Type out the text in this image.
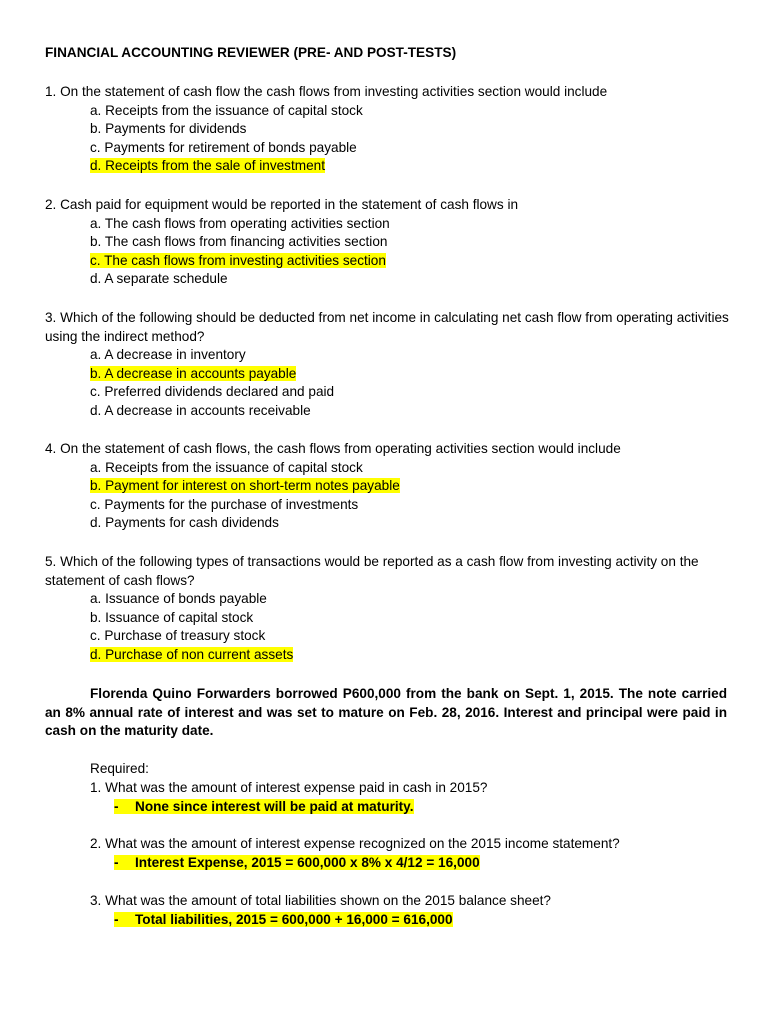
FINANCIAL ACCOUNTING REVIEWER (PRE- AND POST-TESTS)

1. On the statement of cash flow the cash flows from investing activities section would include

a. Receipts from the issuance of capital stock
b. Payments for dividends
c. Payments for retirement of bonds payable
d. Receipts from the sale of investment

2. Cash paid for equipment would be reported in the statement of cash flows in

a. The cash flows from operating activities section
b. The cash flows from financing activities section
c. The cash flows from investing activities section
d. A separate schedule

3. Which of the following should be deducted from net income in calculating net cash flow from operating activities using the indirect method?

a. A decrease in inventory
b. A decrease in accounts payable
c. Preferred dividends declared and paid
d. A decrease in accounts receivable

4. On the statement of cash flows, the cash flows from operating activities section would include

a. Receipts from the issuance of capital stock
b. Payment for interest on short-term notes payable
c. Payments for the purchase of investments
d. Payments for cash dividends

5. Which of the following types of transactions would be reported as a cash flow from investing activity on the statement of cash flows?

a. Issuance of bonds payable
b. Issuance of capital stock
c. Purchase of treasury stock
d. Purchase of non current assets
Florenda Quino Forwarders borrowed P600,000 from the bank on Sept. 1, 2015. The note carried an 8% annual rate of interest and was set to mature on Feb. 28, 2016. Interest and principal were paid in cash on the maturity date.
Required:
1. What was the amount of interest expense paid in cash in 2015?
- None since interest will be paid at maturity.
2. What was the amount of interest expense recognized on the 2015 income statement?
- Interest Expense, 2015 = 600,000 x 8% x 4/12 = 16,000
3. What was the amount of total liabilities shown on the 2015 balance sheet?
- Total liabilities, 2015 = 600,000 + 16,000 = 616,000
